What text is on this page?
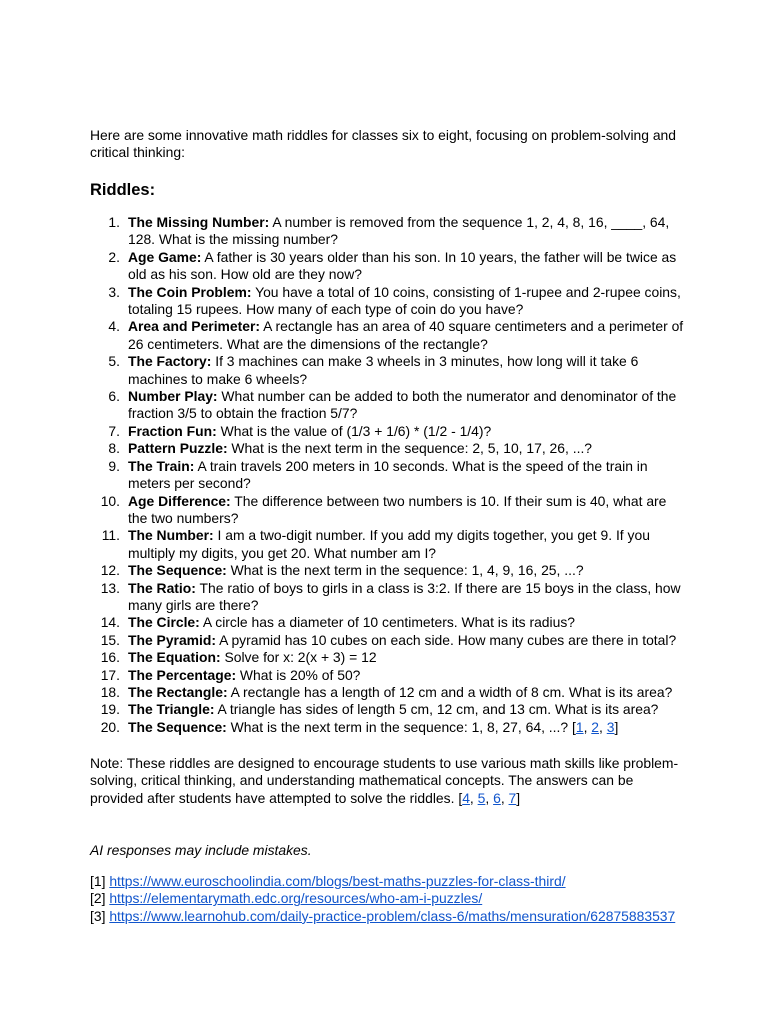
Here are some innovative math riddles for classes six to eight, focusing on problem-solving and critical thinking:

Riddles:
1. The Missing Number: A number is removed from the sequence 1, 2, 4, 8, 16, ____, 64, 128. What is the missing number?
2. Age Game: A father is 30 years older than his son. In 10 years, the father will be twice as old as his son. How old are they now?
3. The Coin Problem: You have a total of 10 coins, consisting of 1-rupee and 2-rupee coins, totaling 15 rupees. How many of each type of coin do you have?
4. Area and Perimeter: A rectangle has an area of 40 square centimeters and a perimeter of 26 centimeters. What are the dimensions of the rectangle?
5. The Factory: If 3 machines can make 3 wheels in 3 minutes, how long will it take 6 machines to make 6 wheels?
6. Number Play: What number can be added to both the numerator and denominator of the fraction 3/5 to obtain the fraction 5/7?
7. Fraction Fun: What is the value of (1/3 + 1/6) * (1/2 - 1/4)?
8. Pattern Puzzle: What is the next term in the sequence: 2, 5, 10, 17, 26, ...?
9. The Train: A train travels 200 meters in 10 seconds. What is the speed of the train in meters per second?
10. Age Difference: The difference between two numbers is 10. If their sum is 40, what are the two numbers?
11. The Number: I am a two-digit number. If you add my digits together, you get 9. If you multiply my digits, you get 20. What number am I?
12. The Sequence: What is the next term in the sequence: 1, 4, 9, 16, 25, ...?
13. The Ratio: The ratio of boys to girls in a class is 3:2. If there are 15 boys in the class, how many girls are there?
14. The Circle: A circle has a diameter of 10 centimeters. What is its radius?
15. The Pyramid: A pyramid has 10 cubes on each side. How many cubes are there in total?
16. The Equation: Solve for x: 2(x + 3) = 12
17. The Percentage: What is 20% of 50?
18. The Rectangle: A rectangle has a length of 12 cm and a width of 8 cm. What is its area?
19. The Triangle: A triangle has sides of length 5 cm, 12 cm, and 13 cm. What is its area?
20. The Sequence: What is the next term in the sequence: 1, 8, 27, 64, ...? [1, 2, 3]

Note: These riddles are designed to encourage students to use various math skills like problem-solving, critical thinking, and understanding mathematical concepts. The answers can be provided after students have attempted to solve the riddles. [4, 5, 6, 7]

AI responses may include mistakes.

[1] https://www.euroschoolindia.com/blogs/best-maths-puzzles-for-class-third/
[2] https://elementarymath.edc.org/resources/who-am-i-puzzles/
[3] https://www.learnohub.com/daily-practice-problem/class-6/maths/mensuration/62875883537
